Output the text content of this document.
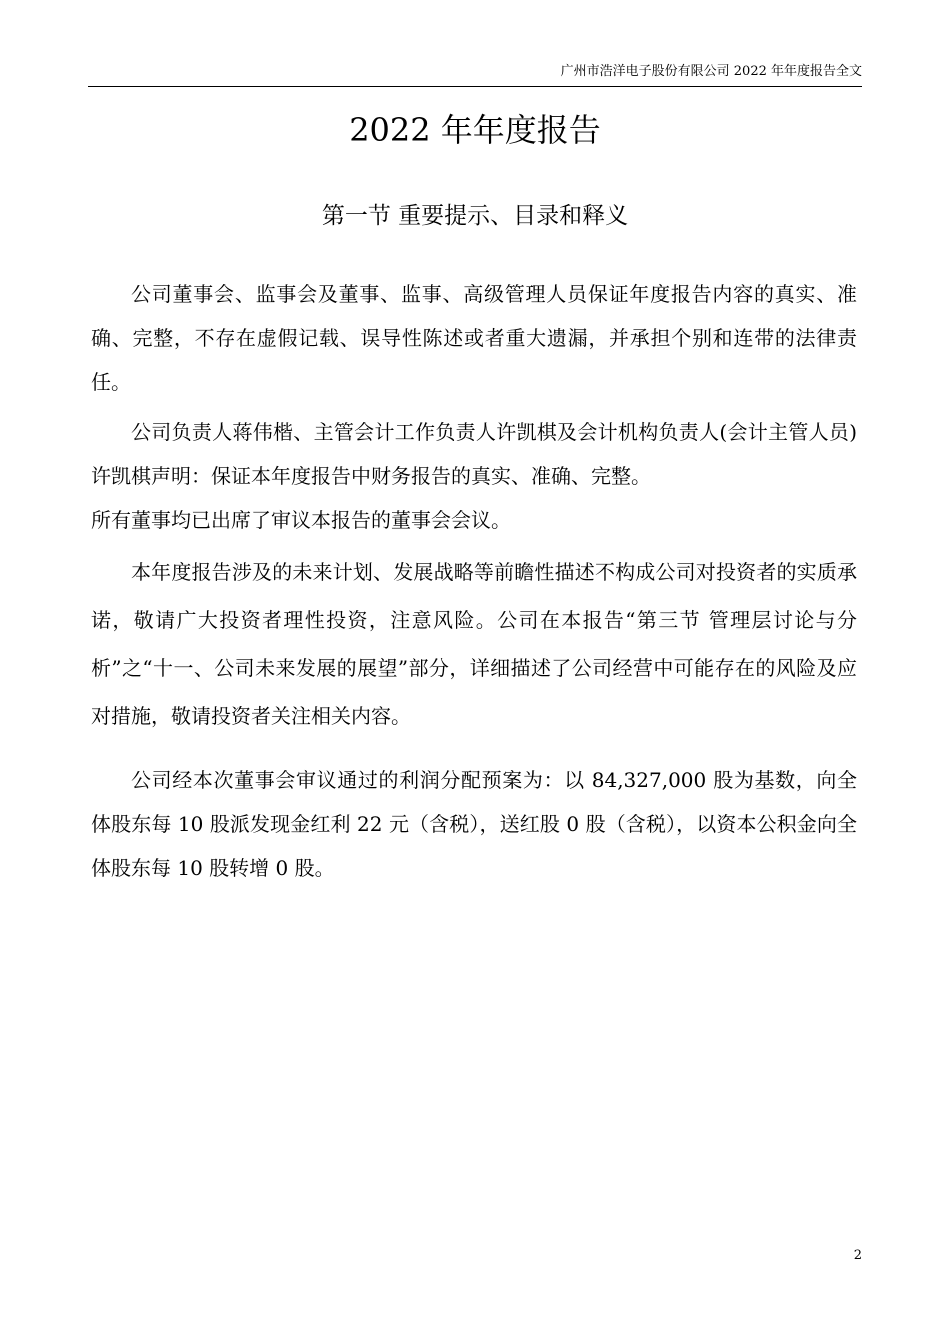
广州市浩洋电子股份有限公司 2022 年年度报告全文
2022 年年度报告
第一节 重要提示、目录和释义

公司董事会、监事会及董事、监事、高级管理人员保证年度报告内容的真实、准确、完整，不存在虚假记载、误导性陈述或者重大遗漏，并承担个别和连带的法律责任。

公司负责人蒋伟楷、主管会计工作负责人许凯棋及会计机构负责人(会计主管人员)许凯棋声明：保证本年度报告中财务报告的真实、准确、完整。

所有董事均已出席了审议本报告的董事会会议。

本年度报告涉及的未来计划、发展战略等前瞻性描述不构成公司对投资者的实质承诺，敬请广大投资者理性投资，注意风险。公司在本报告“第三节 管理层讨论与分析”之“十一、公司未来发展的展望”部分，详细描述了公司经营中可能存在的风险及应对措施，敬请投资者关注相关内容。

公司经本次董事会审议通过的利润分配预案为：以 84,327,000 股为基数，向全体股东每 10 股派发现金红利 22 元（含税），送红股 0 股（含税），以资本公积金向全体股东每 10 股转增 0 股。

2
